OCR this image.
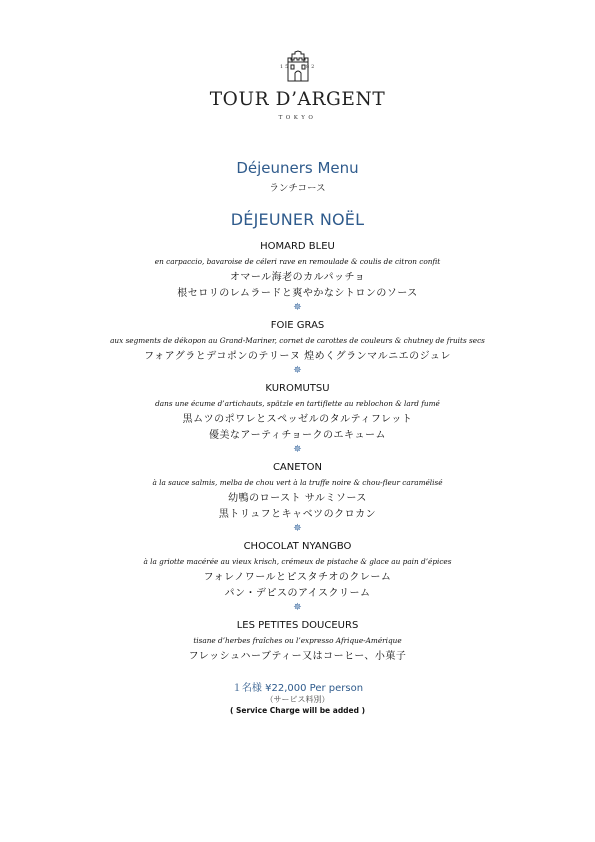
15	82
TOUR D’ARGENT
TOKYO
Déjeuners Menu
ランチコース
DÉJEUNER NOËL
HOMARD BLEU
en carpaccio, bavaroise de céleri rave en remoulade & coulis de citron confit
オマール海老のカルパッチョ
根セロリのレムラードと爽やかなシトロンのソース
✵
FOIE GRAS
aux segments de dékopon au Grand-Mariner, cornet de carottes de couleurs & chutney de fruits secs
フォアグラとデコポンのテリーヌ 煌めくグランマルニエのジュレ
✵
KUROMUTSU
dans une écume d’artichauts, spätzle en tartiflette au reblochon & lard fumé
黒ムツのポワレとスペッゼルのタルティフレット
優美なアーティチョークのエキューム
✵
CANETON
à la sauce salmis, melba de chou vert à la truffe noire & chou-fleur caramélisé
幼鴨のロースト サルミソース
黒トリュフとキャベツのクロカン
✵
CHOCOLAT NYANGBO
à la griotte macérée au vieux krisch, crémeux de pistache & glace au pain d’épices
フォレノワールとピスタチオのクレーム
パン・デピスのアイスクリーム
✵
LES PETITES DOUCEURS
tisane d’herbes fraîches ou l’expresso Afrique-Amérique
フレッシュハーブティー又はコーヒー、小菓子
１名様 ¥22,000 Per person
（サービス料別）
( Service Charge will be added )
